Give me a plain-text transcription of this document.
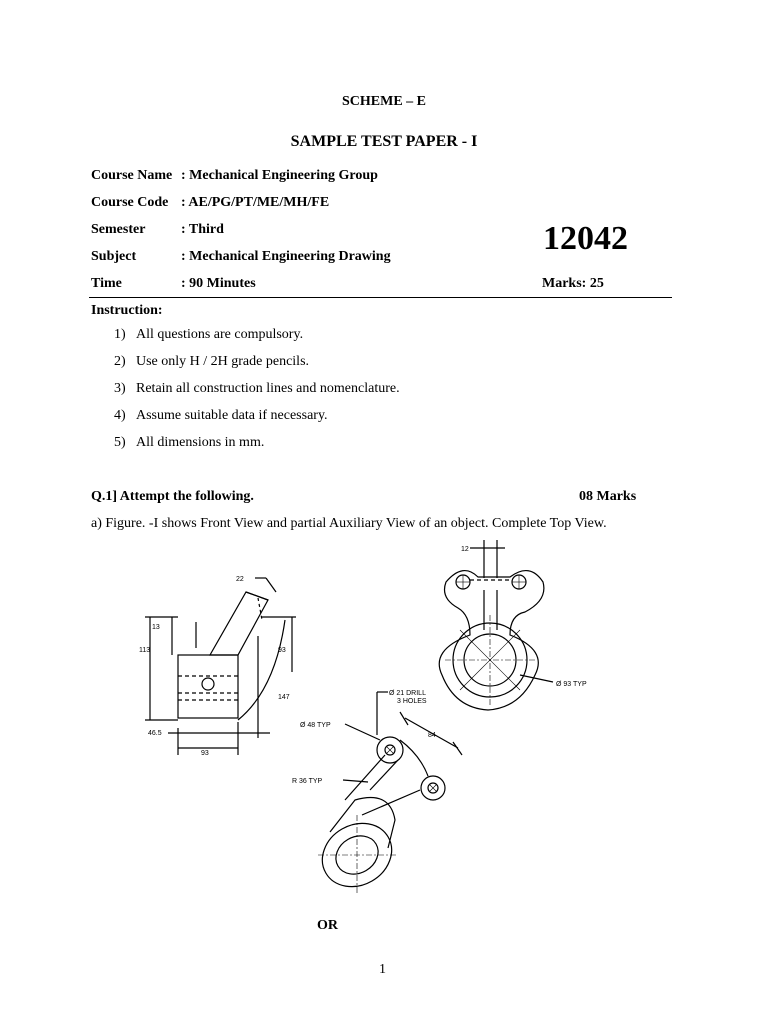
SCHEME – E
SAMPLE TEST PAPER - I
Course Name : Mechanical Engineering Group
Course Code : AE/PG/PT/ME/MH/FE
Semester	: Third
Subject	: Mechanical Engineering Drawing
Time	: 90 Minutes
12042
Marks: 25
Instruction:
1) All questions are compulsory.
2) Use only H / 2H grade pencils.
3) Retain all construction lines and nomenclature.
4) Assume suitable data if necessary.
5) All dimensions in mm.
Q.1] Attempt the following.	08 Marks
a) Figure. -I shows Front View and partial Auxiliary View of an object. Complete Top View.
22
13
113	93
147
46.5
93
12
Ø 93 TYP
Ø 21 DRILL
3 HOLES
Ø 48 TYP
84
R 36 TYP
OR
1
